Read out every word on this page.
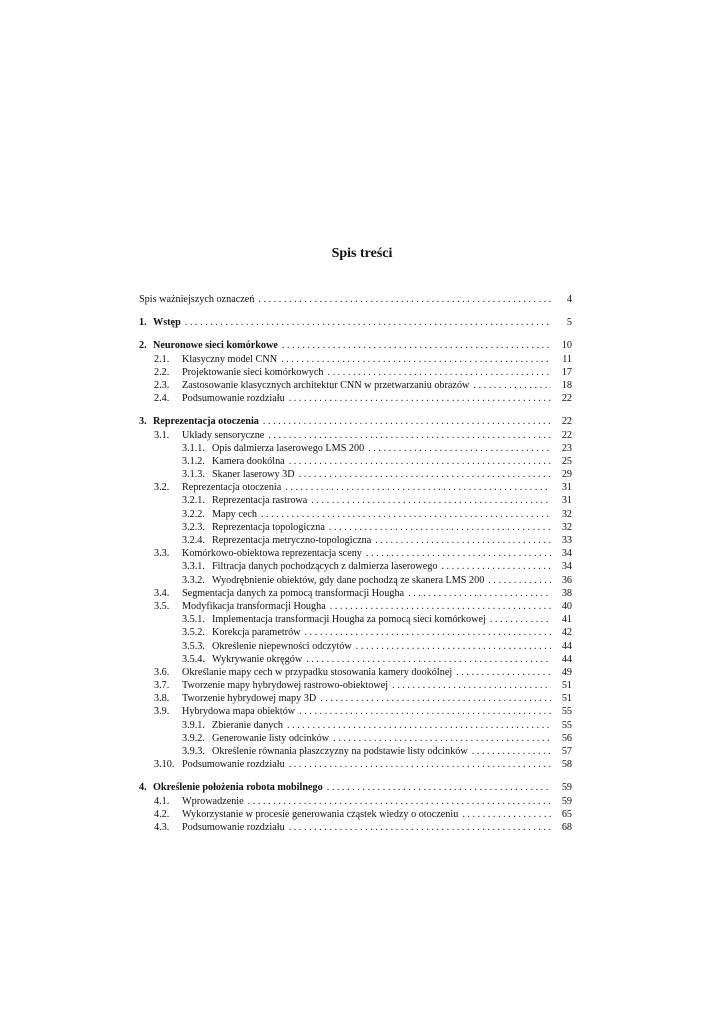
Spis treści
Spis ważniejszych oznaczeń . . .	4
1. Wstęp . . .	5
2. Neuronowe sieci komórkowe . . .	10
2.1.	Klasyczny model CNN . . .	11
2.2.	Projektowanie sieci komórkowych . . .	17
2.3.	Zastosowanie klasycznych architektur CNN w przetwarzaniu obrazów . . .	18
2.4.	Podsumowanie rozdziału . . .	22
3. Reprezentacja otoczenia . . .	22
3.1.	Układy sensoryczne . . .	22
3.1.1. Opis dalmierza laserowego LMS 200 . . .	23
3.1.2. Kamera dookólna . . .	25
3.1.3. Skaner laserowy 3D . . .	29
3.2.	Reprezentacja otoczenia . . .	31
3.2.1. Reprezentacja rastrowa . . .	31
3.2.2. Mapy cech . . .	32
3.2.3. Reprezentacja topologiczna . . .	32
3.2.4. Reprezentacja metryczno-topologiczna . . .	33
3.3.	Komórkowo-obiektowa reprezentacja sceny . . .	34
3.3.1. Filtracja danych pochodzących z dalmierza laserowego . . .	34
3.3.2. Wyodrębnienie obiektów, gdy dane pochodzą ze skanera LMS 200 . . .	36
3.4.	Segmentacja danych za pomocą transformacji Hougha . . .	38
3.5.	Modyfikacja transformacji Hougha . . .	40
3.5.1. Implementacja transformacji Hougha za pomocą sieci komórkowej . . .	41
3.5.2. Korekcja parametrów . . .	42
3.5.3. Określenie niepewności odczytów . . .	44
3.5.4. Wykrywanie okręgów . . .	44
3.6.	Określanie mapy cech w przypadku stosowania kamery dookólnej . . .	49
3.7.	Tworzenie mapy hybrydowej rastrowo-obiektowej . . .	51
3.8.	Tworzenie hybrydowej mapy 3D . . .	51
3.9.	Hybrydowa mapa obiektów . . .	55
3.9.1. Zbieranie danych . . .	55
3.9.2. Generowanie listy odcinków . . .	56
3.9.3. Określenie równania płaszczyzny na podstawie listy odcinków . . .	57
3.10. Podsumowanie rozdziału . . .	58
4. Określenie położenia robota mobilnego . . .	59
4.1.	Wprowadzenie . . .	59
4.2.	Wykorzystanie w procesie generowania cząstek wiedzy o otoczeniu . . .	65
4.3.	Podsumowanie rozdziału . . .	68
